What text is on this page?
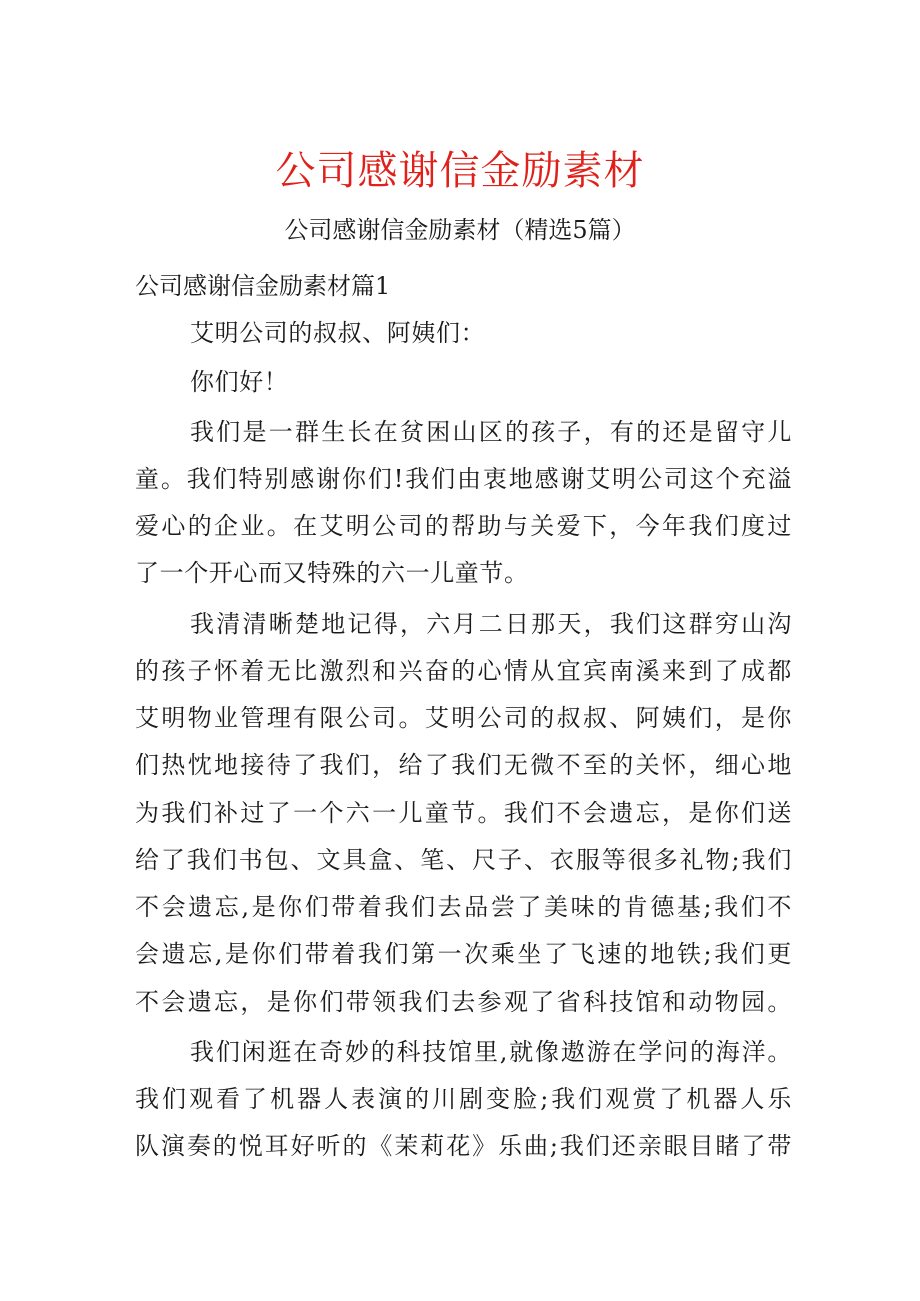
公司感谢信金励素材
公司感谢信金励素材（精选5篇）
公司感谢信金励素材篇1
艾明公司的叔叔、阿姨们：
你们好！
我们是一群生长在贫困山区的孩子，有的还是留守儿
童。我们特别感谢你们!我们由衷地感谢艾明公司这个充溢
爱心的企业。在艾明公司的帮助与关爱下，今年我们度过
了一个开心而又特殊的六一儿童节。
我清清晰楚地记得，六月二日那天，我们这群穷山沟
的孩子怀着无比激烈和兴奋的心情从宜宾南溪来到了成都
艾明物业管理有限公司。艾明公司的叔叔、阿姨们，是你
们热忱地接待了我们，给了我们无微不至的关怀，细心地
为我们补过了一个六一儿童节。我们不会遗忘，是你们送
给了我们书包、文具盒、笔、尺子、衣服等很多礼物;我们
不会遗忘,是你们带着我们去品尝了美味的肯德基;我们不
会遗忘,是你们带着我们第一次乘坐了飞速的地铁;我们更
不会遗忘，是你们带领我们去参观了省科技馆和动物园。
我们闲逛在奇妙的科技馆里,就像遨游在学问的海洋。
我们观看了机器人表演的川剧变脸;我们观赏了机器人乐
队演奏的悦耳好听的《茉莉花》乐曲;我们还亲眼目睹了带
